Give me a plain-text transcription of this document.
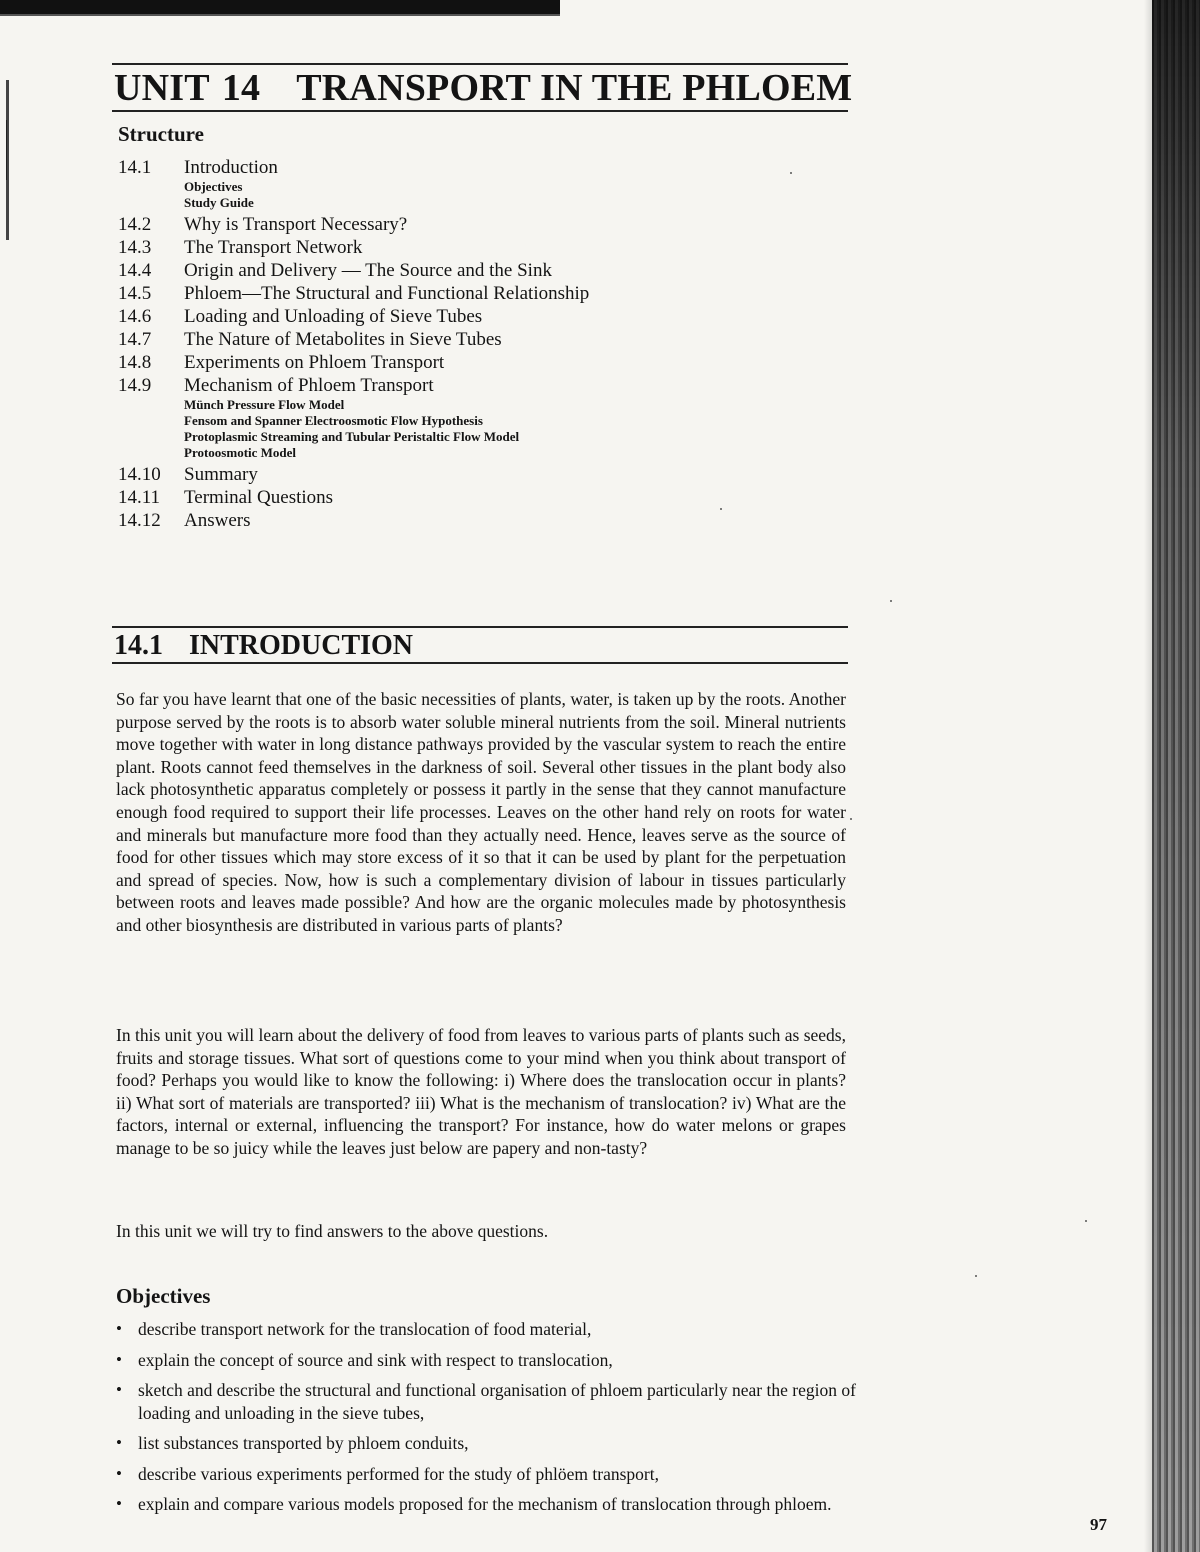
UNIT 14 TRANSPORT IN THE PHLOEM
Structure
14.1	Introduction
Objectives
Study Guide
14.2	Why is Transport Necessary?
14.3	The Transport Network
14.4	Origin and Delivery — The Source and the Sink
14.5	Phloem—The Structural and Functional Relationship
14.6	Loading and Unloading of Sieve Tubes
14.7	The Nature of Metabolites in Sieve Tubes
14.8	Experiments on Phloem Transport
14.9	Mechanism of Phloem Transport
Münch Pressure Flow Model
Fensom and Spanner Electroosmotic Flow Hypothesis
Protoplasmic Streaming and Tubular Peristaltic Flow Model
Protoosmotic Model
14.10	Summary
14.11	Terminal Questions
14.12	Answers
14.1 INTRODUCTION

So far you have learnt that one of the basic necessities of plants, water, is taken up by the roots. Another purpose served by the roots is to absorb water soluble mineral nutrients from the soil. Mineral nutrients move together with water in long distance pathways provided by the vascular system to reach the entire plant. Roots cannot feed themselves in the darkness of soil. Several other tissues in the plant body also lack photosynthetic apparatus completely or possess it partly in the sense that they cannot manufacture enough food required to support their life processes. Leaves on the other hand rely on roots for water and minerals but manufacture more food than they actually need. Hence, leaves serve as the source of food for other tissues which may store excess of it so that it can be used by plant for the perpetuation and spread of species. Now, how is such a complementary division of labour in tissues particularly between roots and leaves made possible? And how are the organic molecules made by photosynthesis and other biosynthesis are distributed in various parts of plants?

In this unit you will learn about the delivery of food from leaves to various parts of plants such as seeds, fruits and storage tissues. What sort of questions come to your mind when you think about transport of food? Perhaps you would like to know the following: i) Where does the translocation occur in plants? ii) What sort of materials are transported? iii) What is the mechanism of translocation? iv) What are the factors, internal or external, influencing the transport? For instance, how do water melons or grapes manage to be so juicy while the leaves just below are papery and non-tasty?

In this unit we will try to find answers to the above questions.

Objectives
• describe transport network for the translocation of food material,
• explain the concept of source and sink with respect to translocation,
• sketch and describe the structural and functional organisation of phloem particularly near the region of loading and unloading in the sieve tubes,
• list substances transported by phloem conduits,
• describe various experiments performed for the study of phlöem transport,
• explain and compare various models proposed for the mechanism of translocation through phloem.
97
